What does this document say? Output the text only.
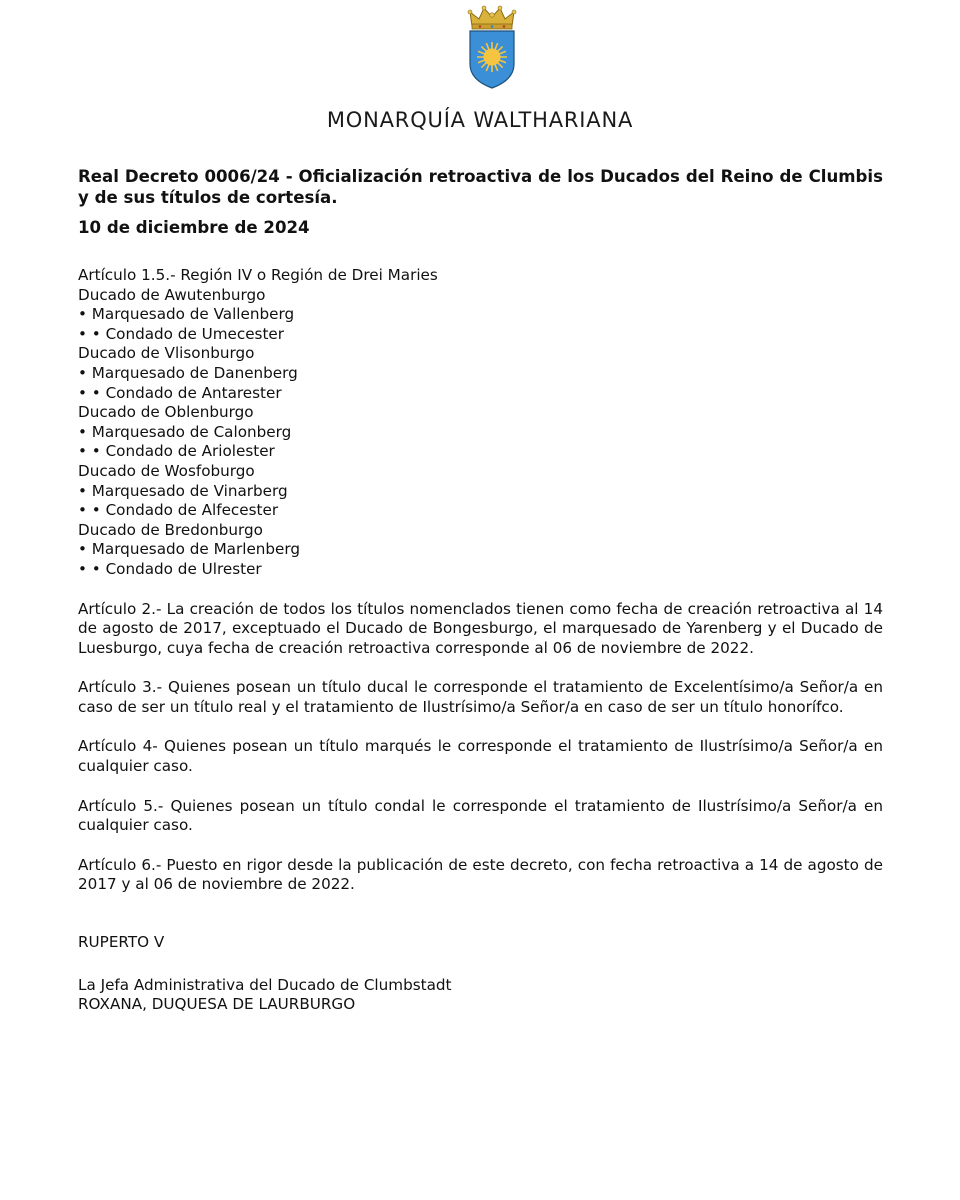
MONARQUÍA WALTHARIANA

Real Decreto 0006/24 - Oficialización retroactiva de los Ducados del Reino de Clumbis y de sus títulos de cortesía.

10 de diciembre de 2024

Artículo 1.5.- Región IV o Región de Drei Maries
Ducado de Awutenburgo
• Marquesado de Vallenberg
• • Condado de Umecester
Ducado de Vlisonburgo
• Marquesado de Danenberg
• • Condado de Antarester
Ducado de Oblenburgo
• Marquesado de Calonberg
• • Condado de Ariolester
Ducado de Wosfoburgo
• Marquesado de Vinarberg
• • Condado de Alfecester
Ducado de Bredonburgo
• Marquesado de Marlenberg
• • Condado de Ulrester

Artículo 2.- La creación de todos los títulos nomenclados tienen como fecha de creación retroactiva al 14 de agosto de 2017, exceptuado el Ducado de Bongesburgo, el marquesado de Yarenberg y el Ducado de Luesburgo, cuya fecha de creación retroactiva corresponde al 06 de noviembre de 2022.

Artículo 3.- Quienes posean un título ducal le corresponde el tratamiento de Excelentísimo/a Señor/a en caso de ser un título real y el tratamiento de Ilustrísimo/a Señor/a en caso de ser un título honorífco.

Artículo 4- Quienes posean un título marqués le corresponde el tratamiento de Ilustrísimo/a Señor/a en cualquier caso.

Artículo 5.- Quienes posean un título condal le corresponde el tratamiento de Ilustrísimo/a Señor/a en cualquier caso.

Artículo 6.- Puesto en rigor desde la publicación de este decreto, con fecha retroactiva a 14 de agosto de 2017 y al 06 de noviembre de 2022.

RUPERTO V
La Jefa Administrativa del Ducado de Clumbstadt
ROXANA, DUQUESA DE LAURBURGO
